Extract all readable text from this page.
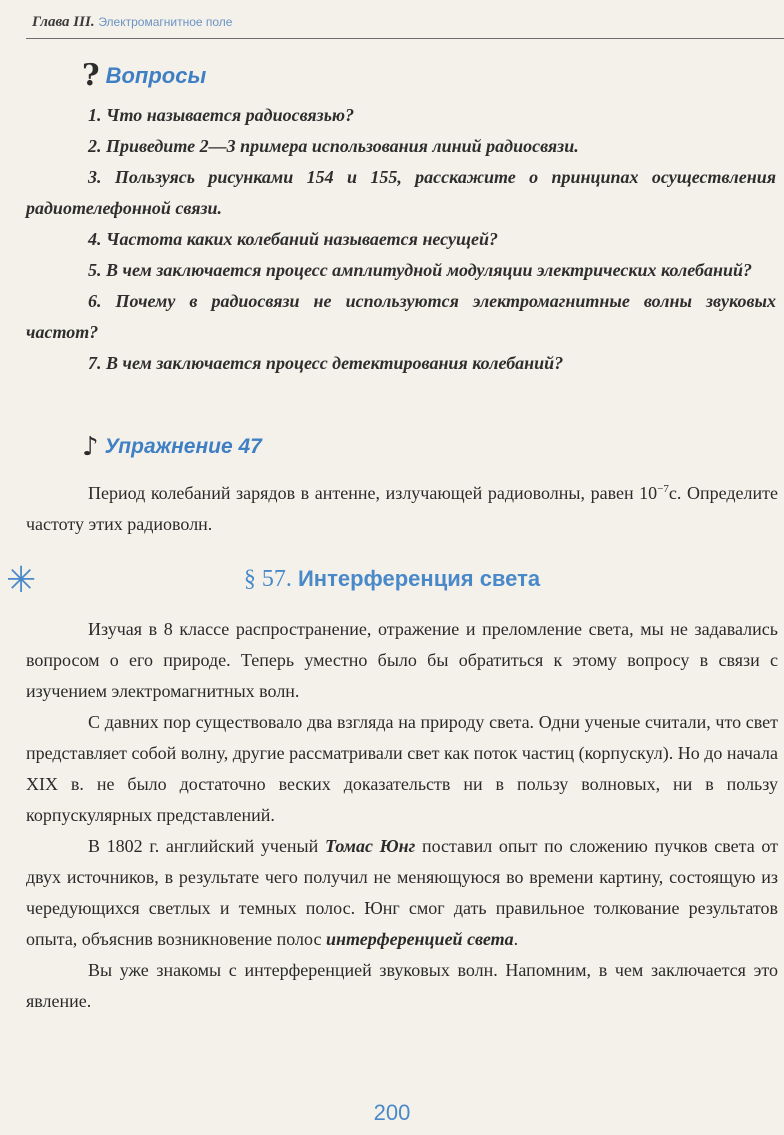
Глава III. Электромагнитное поле
? Вопросы

1. Что называется радиосвязью?

2. Приведите 2—3 примера использования линий радиосвязи.

3. Пользуясь рисунками 154 и 155, расскажите о принципах осуществления радиотелефонной связи.

4. Частота каких колебаний называется несущей?

5. В чем заключается процесс амплитудной модуляции электрических колебаний?

6. Почему в радиосвязи не используются электромагнитные волны звуковых частот?

7. В чем заключается процесс детектирования колебаний?

♪ Упражнение 47

Период колебаний зарядов в антенне, излучающей радиоволны, равен $10^{-7}с$. Определите частоту этих радиоволн.

✳	§ 57. Интерференция света

Изучая в 8 классе распространение, отражение и преломление света, мы не задавались вопросом о его природе. Теперь уместно было бы обратиться к этому вопросу в связи с изучением электромагнитных волн.

С давних пор существовало два взгляда на природу света. Одни ученые считали, что свет представляет собой волну, другие рассматривали свет как поток частиц (корпускул). Но до начала XIX в. не было достаточно веских доказательств ни в пользу волновых, ни в пользу корпускулярных представлений.

В 1802 г. английский ученый Томас Юнг поставил опыт по сложению пучков света от двух источников, в результате чего получил не меняющуюся во времени картину, состоящую из чередующихся светлых и темных полос. Юнг смог дать правильное толкование результатов опыта, объяснив возникновение полос интерференцией света.

Вы уже знакомы с интерференцией звуковых волн. Напомним, в чем заключается это явление.

200
